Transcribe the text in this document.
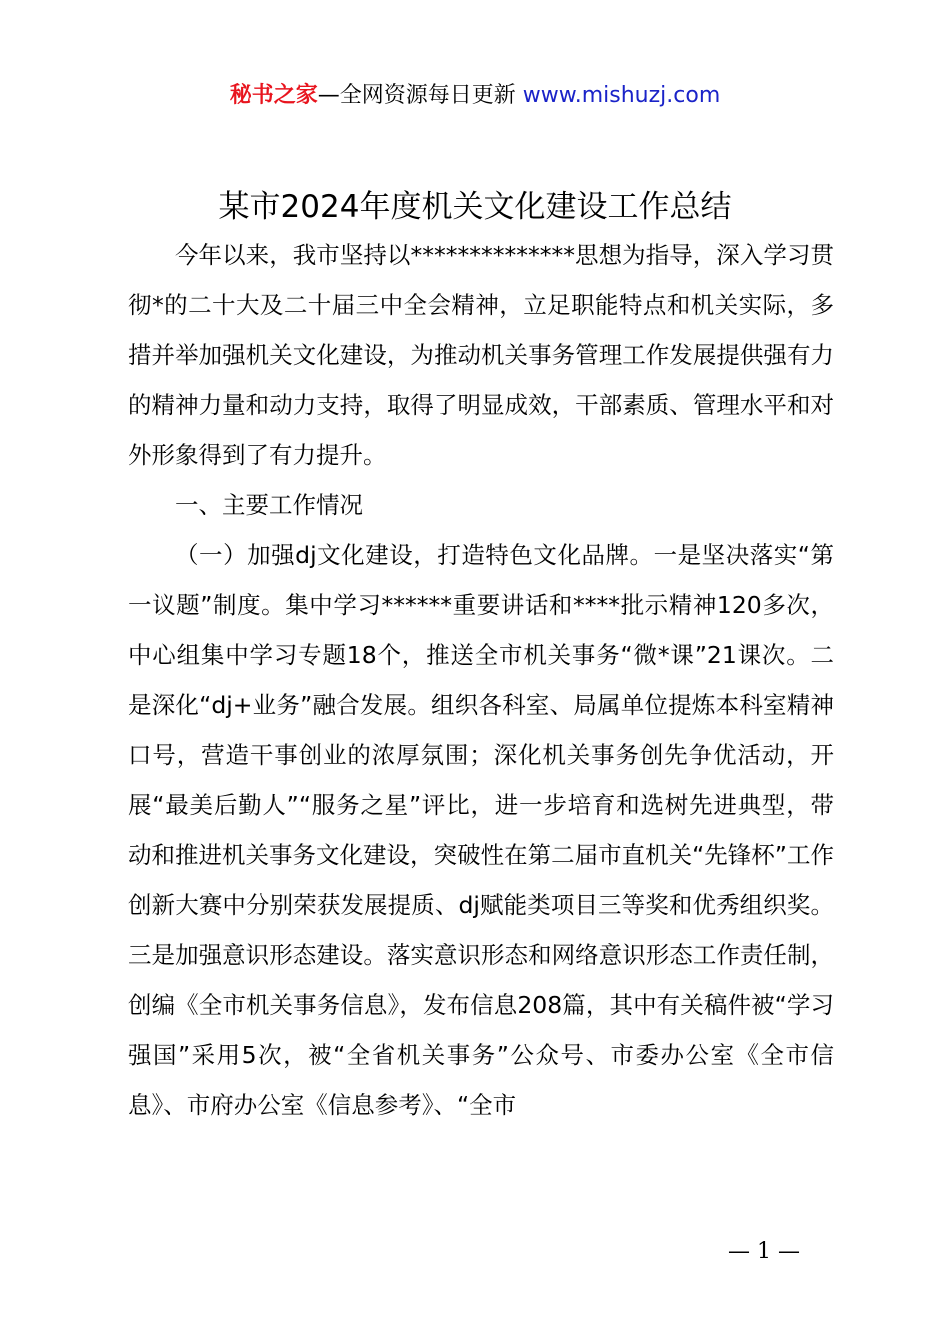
秘书之家—全网资源每日更新 www.mishuzj.com
某市2024年度机关文化建设工作总结

今年以来，我市坚持以**************思想为指导，深入学习贯彻*的二十大及二十届三中全会精神，立足职能特点和机关实际，多措并举加强机关文化建设，为推动机关事务管理工作发展提供强有力的精神力量和动力支持，取得了明显成效，干部素质、管理水平和对外形象得到了有力提升。

一、主要工作情况

（一）加强dj文化建设，打造特色文化品牌。一是坚决落实“第一议题”制度。集中学习******重要讲话和****批示精神120多次，中心组集中学习专题18个，推送全市机关事务“微*课”21课次。二是深化“dj+业务”融合发展。组织各科室、局属单位提炼本科室精神口号，营造干事创业的浓厚氛围；深化机关事务创先争优活动，开展“最美后勤人”“服务之星”评比，进一步培育和选树先进典型，带动和推进机关事务文化建设，突破性在第二届市直机关“先锋杯”工作创新大赛中分别荣获发展提质、dj赋能类项目三等奖和优秀组织奖。三是加强意识形态建设。落实意识形态和网络意识形态工作责任制，创编《全市机关事务信息》，发布信息208篇，其中有关稿件被“学习强国”采用5次，被“全省机关事务”公众号、市委办公室《全市信息》、市府办公室《信息参考》、“全市

— 1 —
